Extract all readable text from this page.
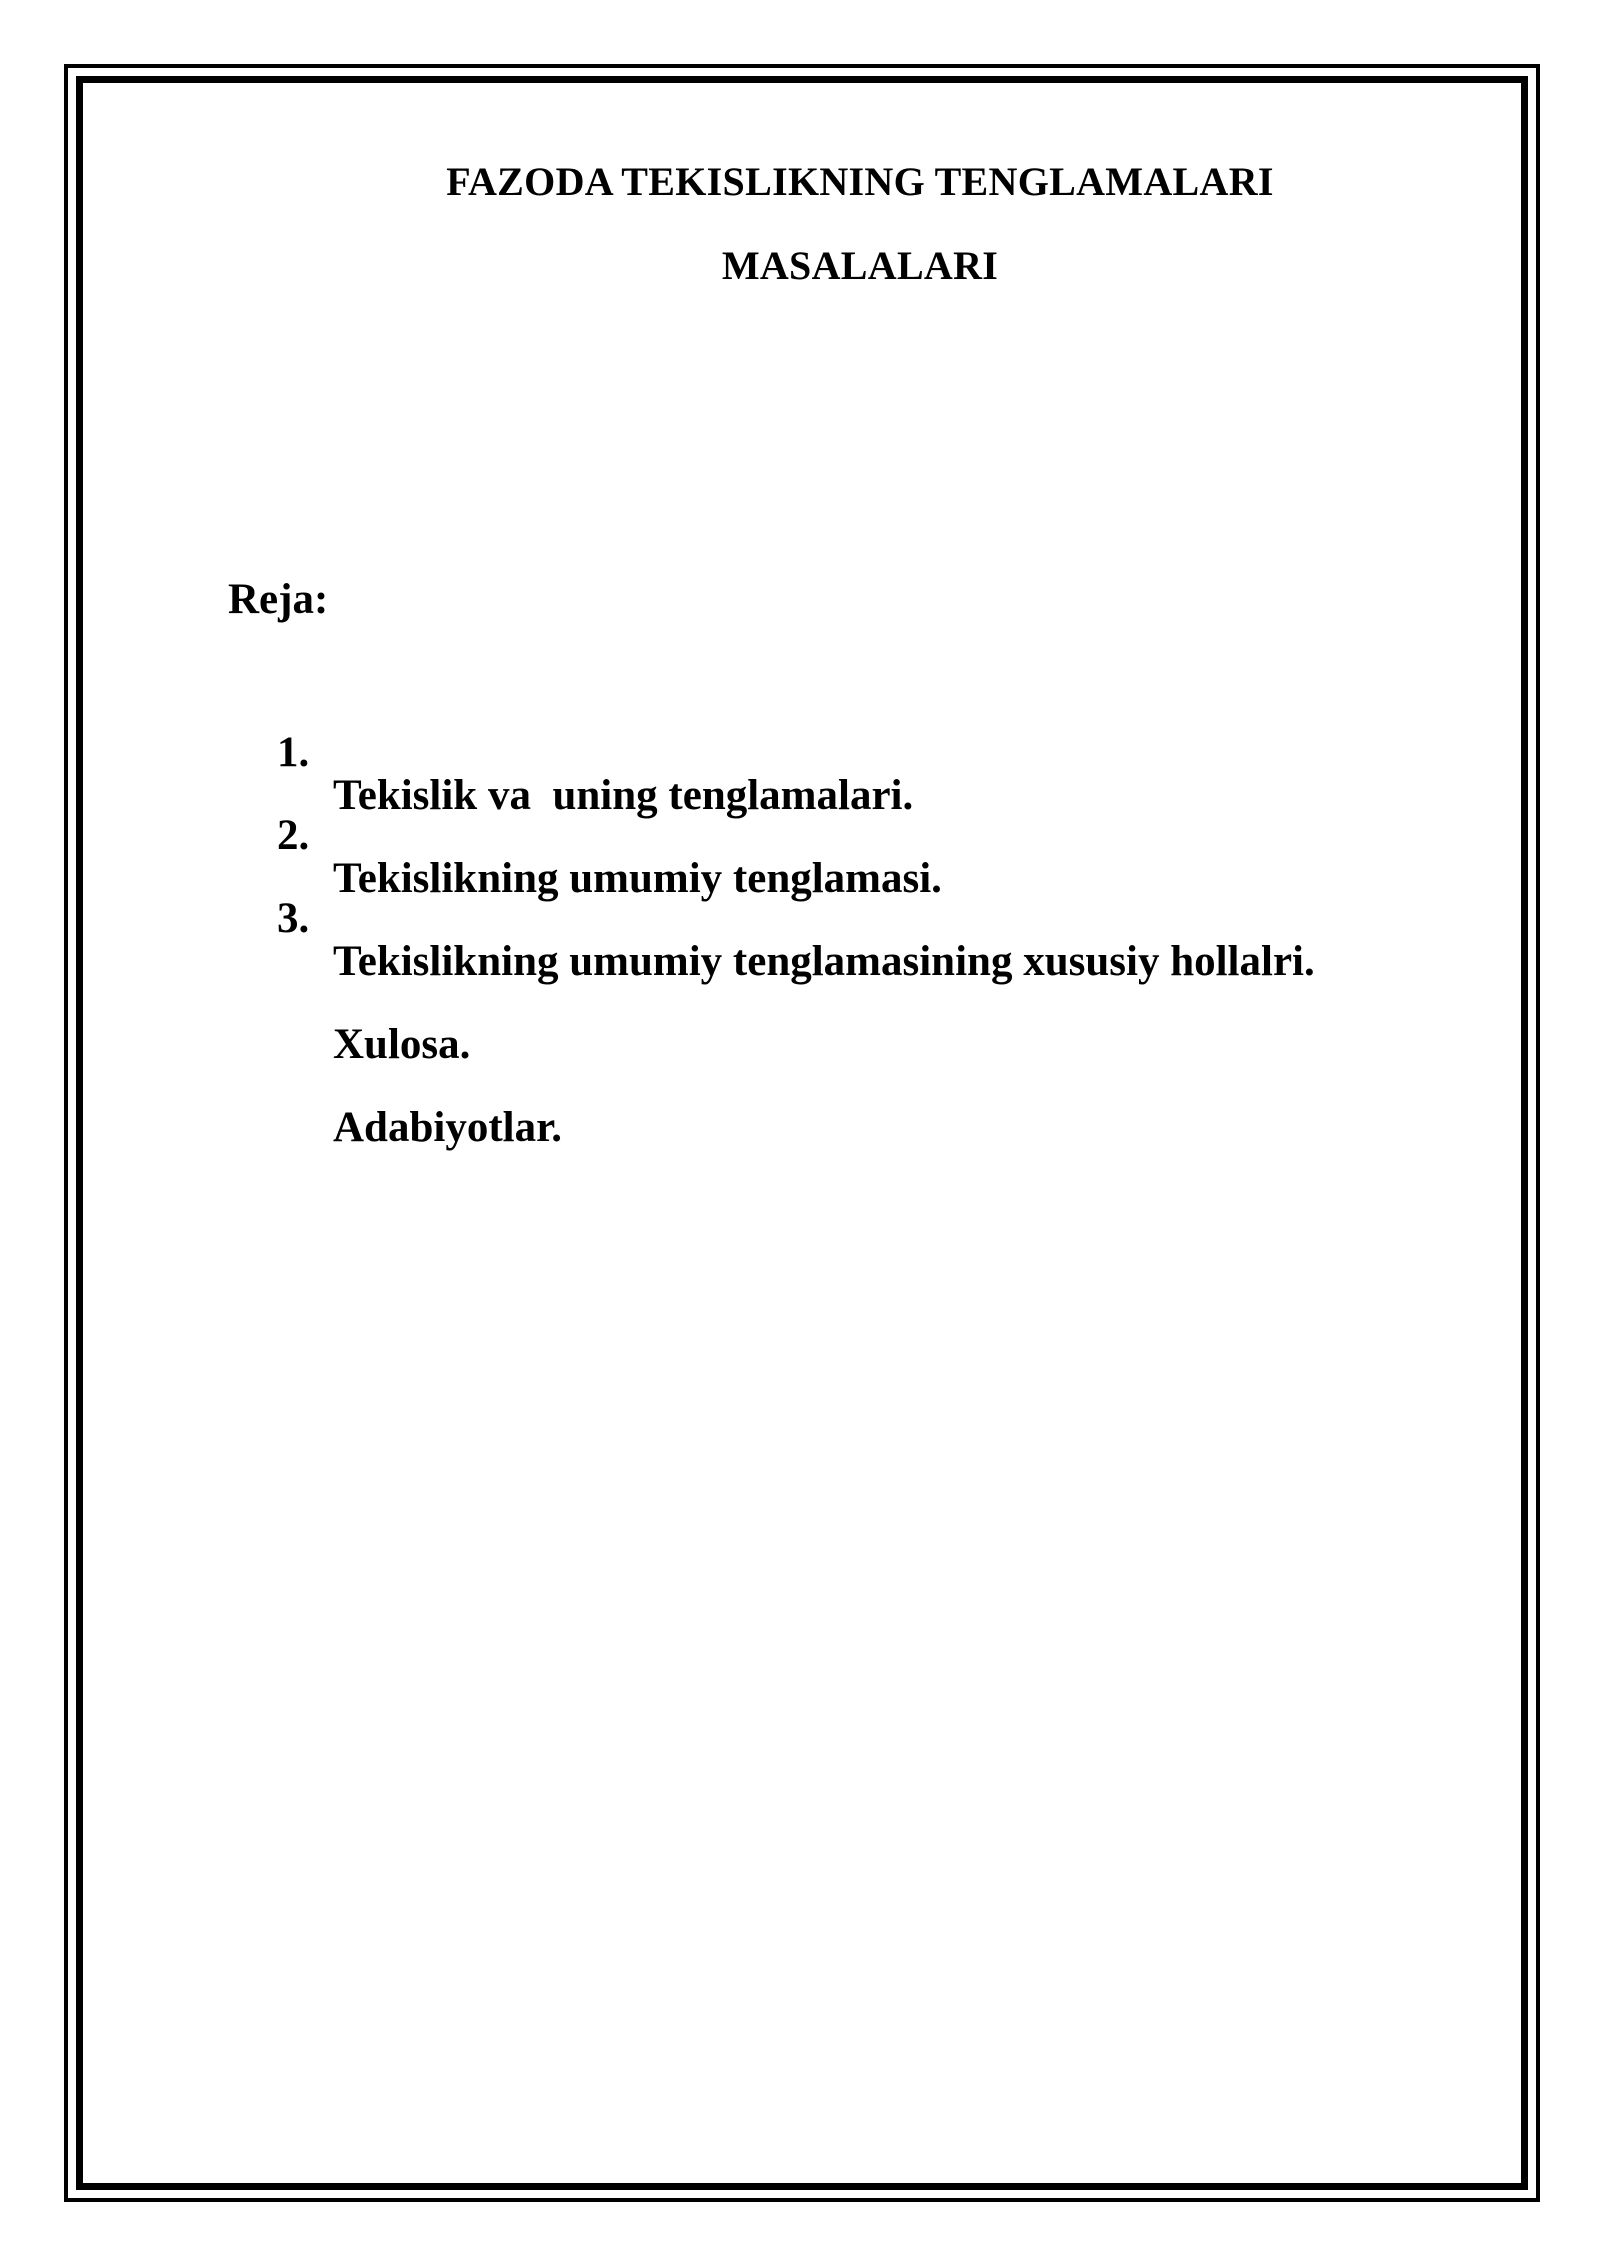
FAZODA TEKISLIKNING TENGLAMALARI
MASALALARI
Reja:

1.

Tekislik va  uning tenglamalari.

2.

Tekislikning umumiy tenglamasi.

3.

Tekislikning umumiy tenglamasining xususiy hollalri.

Xulosa.

Adabiyotlar.
